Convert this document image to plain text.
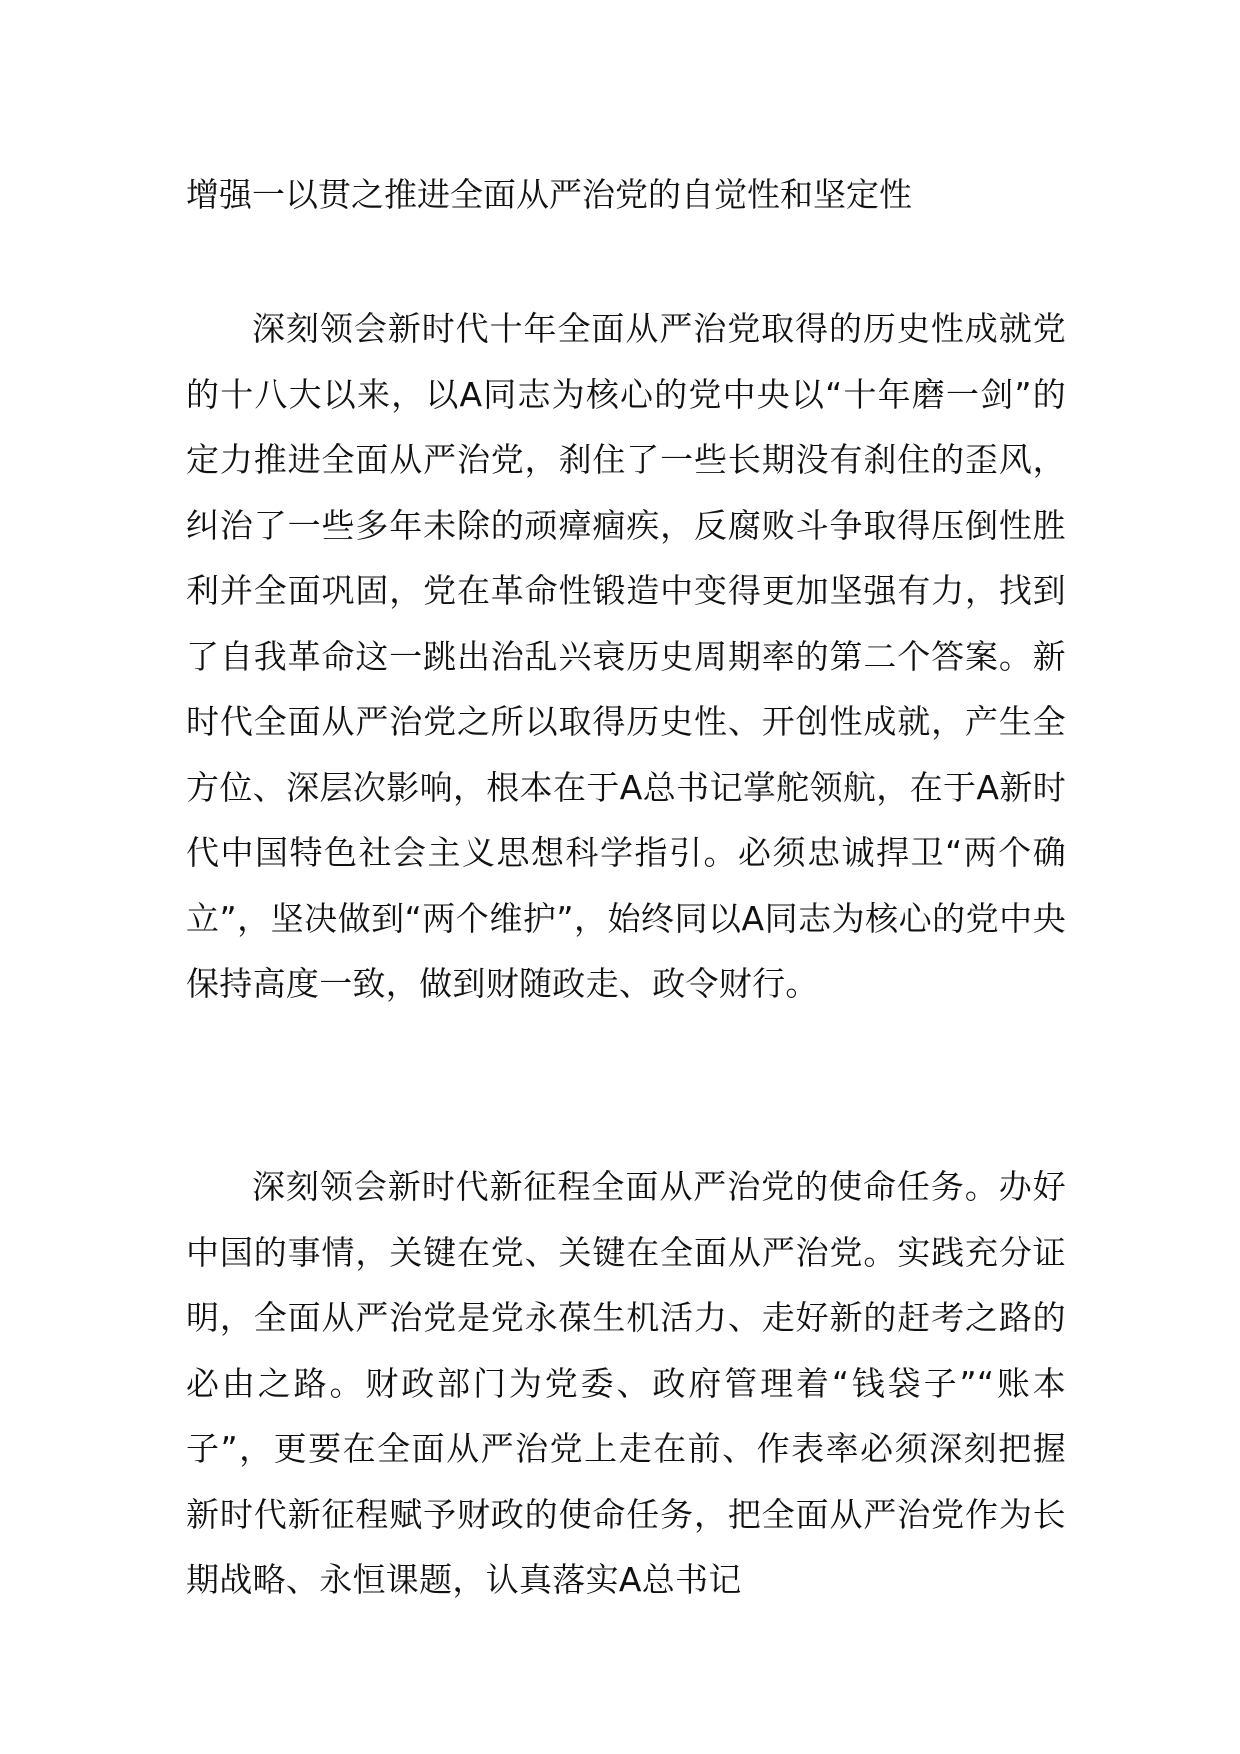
增强一以贯之推进全面从严治党的自觉性和坚定性
深刻领会新时代十年全面从严治党取得的历史性成就党的十八大以来，以A同志为核心的党中央以“十年磨一剑”的定力推进全面从严治党，刹住了一些长期没有刹住的歪风，纠治了一些多年未除的顽瘴痼疾，反腐败斗争取得压倒性胜利并全面巩固，党在革命性锻造中变得更加坚强有力，找到了自我革命这一跳出治乱兴衰历史周期率的第二个答案。新时代全面从严治党之所以取得历史性、开创性成就，产生全方位、深层次影响，根本在于A总书记掌舵领航，在于A新时代中国特色社会主义思想科学指引。必须忠诚捍卫“两个确立”，坚决做到“两个维护”，始终同以A同志为核心的党中央保持高度一致，做到财随政走、政令财行。
深刻领会新时代新征程全面从严治党的使命任务。办好中国的事情，关键在党、关键在全面从严治党。实践充分证明，全面从严治党是党永葆生机活力、走好新的赶考之路的必由之路。财政部门为党委、政府管理着“钱袋子”“账本子”，更要在全面从严治党上走在前、作表率必须深刻把握新时代新征程赋予财政的使命任务，把全面从严治党作为长期战略、永恒课题，认真落实A总书记
